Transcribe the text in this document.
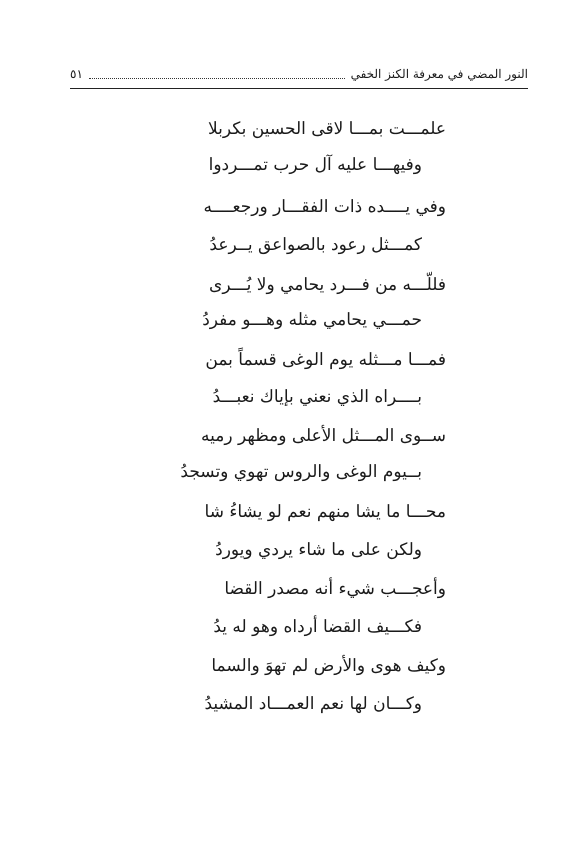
النور المضي في معرفة الكنز الخفي
٥١
علمـــت بمـــا لاقى الحسين بكربلا
وفيهـــا عليه آل حرب تمـــردوا
وفي يــــده ذات الفقـــار ورجعــــه
كمـــثل رعود بالصواعق يــرعدُ
فللّـــه من فـــرد يحامي ولا يُـــرى
حمـــي يحامي مثله وهـــو مفردُ
فمـــا مـــثله يوم الوغى قسماً بمن
بــــراه الذي نعني بإياك نعبـــدُ
ســوى المـــثل الأعلى ومظهر رميه
بــيوم الوغى والروس تهوي وتسجدُ
محـــا ما يشا منهم نعم لو يشاءُ شا
ولكن على ما شاء يردي ويوردُ
وأعجـــب شيء أنه مصدر القضا
فكـــيف القضا أرداه وهو له يدُ
وكيف هوى والأرض لم تهوَ والسما
وكـــان لها نعم العمـــاد المشيدُ
